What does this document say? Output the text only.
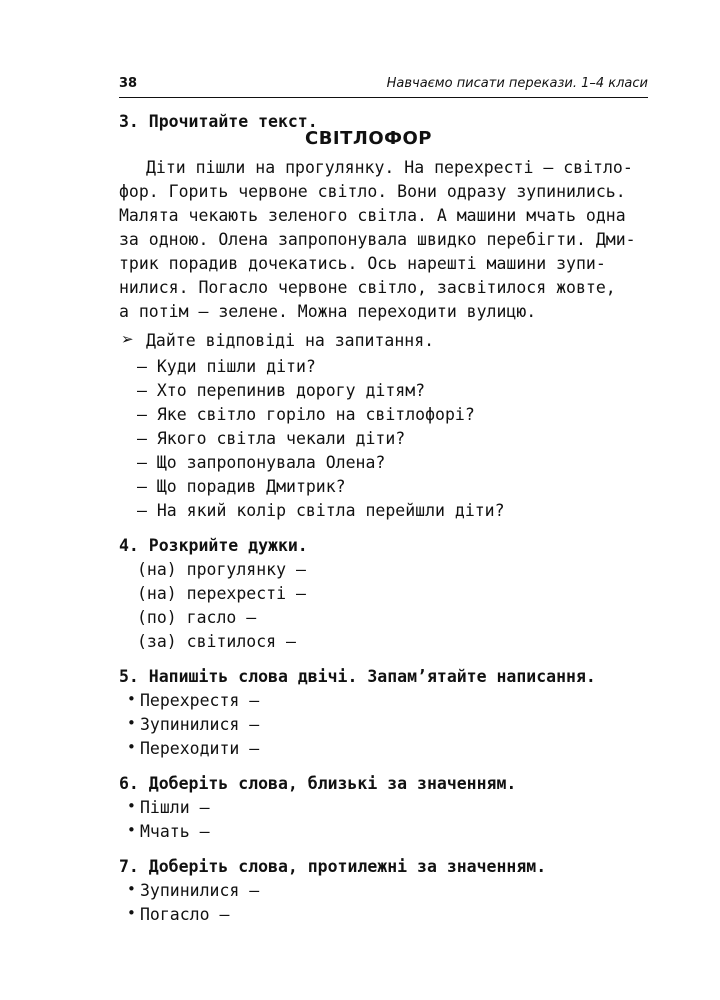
38	Навчаємо писати перекази. 1–4 класи
3. Прочитайте текст.
СВІТЛОФОР
Діти пішли на прогулянку. На перехресті — світло-
фор. Горить червоне світло. Вони одразу зупинились.
Малята чекають зеленого світла. А машини мчать одна
за одною. Олена запропонувала швидко перебігти. Дми-
трик порадив дочекатись. Ось нарешті машини зупи-
нилися. Погасло червоне світло, засвітилося жовте,
а потім — зелене. Можна переходити вулицю.
➢ Дайте відповіді на запитання.
— Куди пішли діти?
— Хто перепинив дорогу дітям?
— Яке світло горіло на світлофорі?
— Якого світла чекали діти?
— Що запропонувала Олена?
— Що порадив Дмитрик?
— На який колір світла перейшли діти?
4. Розкрийте дужки.
(на) прогулянку —
(на) перехресті —
(по) гасло —
(за) світилося —
5. Напишіть слова двічі. Запам’ятайте написання.
• Перехрестя —
• Зупинилися —
• Переходити —
6. Доберіть слова, близькі за значенням.
• Пішли —
• Мчать —
7. Доберіть слова, протилежні за значенням.
• Зупинилися —
• Погасло —
